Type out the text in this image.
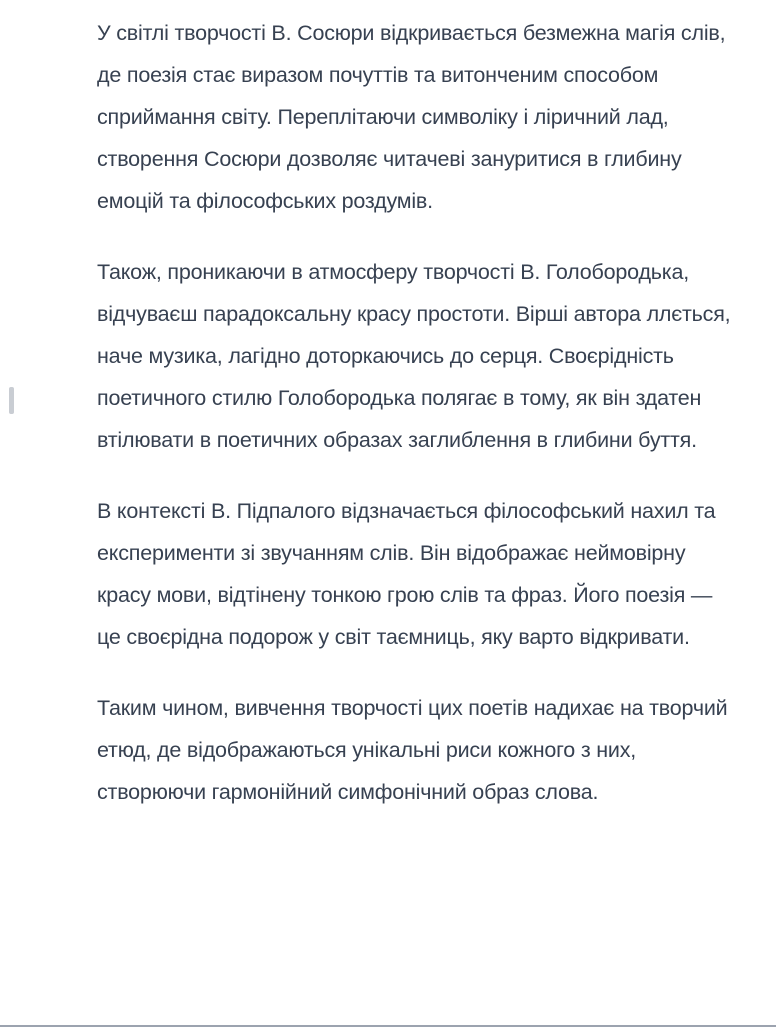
У світлі творчості В. Сосюри відкривається безмежна магія слів, де поезія стає виразом почуттів та витонченим способом сприймання світу. Переплітаючи символіку і ліричний лад, створення Сосюри дозволяє читачеві зануритися в глибину емоцій та філософських роздумів.

Також, проникаючи в атмосферу творчості В. Голобородька, відчуваєш парадоксальну красу простоти. Вірші автора ллється, наче музика, лагідно доторкаючись до серця. Своєрідність поетичного стилю Голобородька полягає в тому, як він здатен втілювати в поетичних образах заглиблення в глибини буття.

В контексті В. Підпалого відзначається філософський нахил та експерименти зі звучанням слів. Він відображає неймовірну красу мови, відтінену тонкою грою слів та фраз. Його поезія — це своєрідна подорож у світ таємниць, яку варто відкривати.

Таким чином, вивчення творчості цих поетів надихає на творчий етюд, де відображаються унікальні риси кожного з них, створюючи гармонійний симфонічний образ слова.
